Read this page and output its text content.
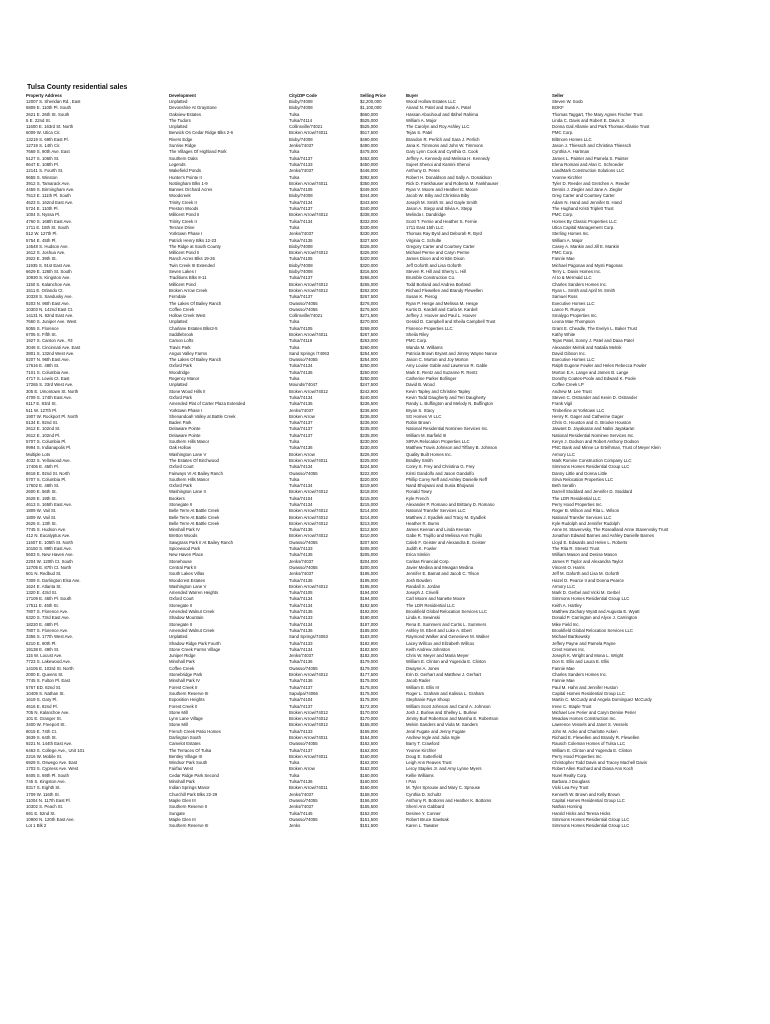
Tulsa County residential sales
Property Address	Development	City/ZIP Code	Selling Price	Buyer	Seller
12007 S. Sheridan Rd., East	Unplatted	Bixby/74008	$2,200,000	Wood Hollow Estates LLC	Steven W. Soob
6809 E. 110th Pl. South	Devonshire At Graystone	Bixby/74008	$1,100,000	Anand N. Patel and Swati A. Patel	BOKF
2621 E. 26th St. South	Oakview Estates	Tulsa	$660,000	Hassan Abouhoud and Ibtihel Rahima	Thomas Taggart, The Mary Agnes Fischer Trust
5 E. 22nd St.	The Tudors	Tulsa/74114	$525,000	William A. Major	Linda C. Davis and Robert E. Davis Jr.
11600 E. 163rd St. North	Unplatted	Collinsville/74021	$525,000	The Carolyn and Roy Ashley LLC	Donna Gail Allamie and Park Thomas Allamie Trust
6009 W. Utica Cir.	Berwick On Cedar Ridge Blks 2-6	Broken Arrow/74011	$517,500	Tejas S. Patel	PMC Corp.
13219 S. 69th East Pl.	Rivers Edge	Bixby/74008	$490,000	Brandon R. Perlich and Sara J. Perlich	Biltmore Homes LLC
12719 S. 14th Cir.	Sunrise Ridge	Jenks/74037	$490,000	Jana K. Timmons and John W. Timmons	Jason J. Thiessch and Christina Thiessch
7669 S. 90th Ave. East	The Villages Of Highland Park	Tulsa	$475,000	Gary Lynn Cook and Cynthia G. Cook	Cynthia A. Hartman
5127 S. 106th St.	Southern Oaks	Tulsa/74137	$452,000	Jeffrey A. Kennedy and Melissa H. Kennedy	James L. Painter and Pamela S. Painter
8647 E. 108th Pl.	Legends	Tulsa/74133	$450,000	Sujeet Shenoi and Kamini Shenoi	Elena Romani and Alan C. Schroeder
12141 S. Fourth St.	Wakefield Ponds	Jenks/74037	$446,000	Anthony D. Peres	LandMark Construction Solutions LLC
9655 S. Winston	Hunter's Pointe II	Tulsa	$392,500	Robert H. Donaldson and Sally A. Donaldson	Yvonne Kirchler
3912 S. Tamarack Ave.	Nottingham Blks 1-9	Broken Arrow/74011	$350,000	Rick D. Fankhauser and Roberta M. Fankhauser	Tyler D. Reeder and Gretchen A. Reeder
4459 S. Birmingham Ave.	Bannes Orchard Acres	Tulsa/74105	$349,000	Ryan V. Moore and Heather E. Moore	Dennis J. Ziegler and Jane A. Ziegler
7513 E. 111th Pl. South	Woodcreek	Bixby/74008	$344,000	Jacob W. Biby and Christina Biby	Greg Carter and Courtney Carter
4623 S. 162nd East Ave.	Trinity Creek II	Tulsa/74134	$343,500	Joseph M. Smith Sr. and Gayle Smith	Adam N. Hand and Jennifer B. Hand
5724 E. 110th Pl.	Preston Woods	Tulsa/74137	$340,000	Jason A. Stepp and Silvia A. Stepp	The Hughand Kristi Triplett Trust
1004 S. Nyssa Pl.	Millicent Pond II	Broken Arrow/74012	$338,000	Melinda I. Dandridge	PMC Corp.
4760 S. 168th East Ave.	Trinity Creek II	Tulsa/74134	$332,000	Scott T. Fernie and Heather S. Fernie	Homes By Classic Properties LLC
1711 E. 15th St. South	Terrace Drive	Tulsa	$330,000	1711 East 15th LLC	Utica Capital Management Corp.
512 W. 127th Pl.	Yorktown Phase I	Jenks/74037	$330,000	Thomas Ray Byrd and Deborah R. Byrd	Sterling Homes Inc.
5754 E. 45th Pl.	Patrick Henry Blks 12-23	Tulsa/74135	$327,500	Virginia C. Schulte	William A. Major
14548 S. Hudson Ave.	The Ridge at South County	Bixby/74008	$326,000	Gregory Carter and Courtney Carter	Casey A. Mankin and Jill E. Mankin
1612 S. Joshua Ave.	Millicent Pond II	Broken Arrow/74012	$326,000	Michael Perme and Caryn Perme	PMC Corp.
2922 E. 39th St.	Ranch Acres Blks 19-26	Tulsa/74105	$320,000	James Dixon and Kristin Dixon	Fannie Mae
11935 S. 91st East Ave.	Twin Creek III Extended	Bixby/74008	$320,000	Jeff Goforth and Lisa Goforth	Michael Pagonas and Mysti Pagonas
6629 E. 126th St. South	Seven Lakes I	Bixby/74008	$316,500	Steven R. Hill and Sherry L. Hill	Terry L. Davis Homes Inc.
10930 S. Kingston Ave.	Traditions Blks 8-11	Tulsa/74137	$266,000	Brumble Construction Co.	Al to & Mermaid LLC
1150 S. Kalanchoe Ave.	Millicent Pond	Broken Arrow/74012	$265,000	Todd Borland and Andrea Borland	Charles Sanders Homes Inc.
1511 E. Orlando Ct.	Broken Arrow Creek	Broken Arrow/74012	$262,000	Richard Flewellen and Brandy Flewellen	Ryan L. Smith and April M. Smith
10328 S. Sandusky Ave.	Ferndale	Tulsa/74137	$267,500	Susan K. Pierog	Samuel Ross
9203 N. 96th East Ave.	The Lakes Of Bailey Ranch	Owasso/74055	$276,000	Ryan P. Hesge and Melissa M. Hesge	Executive Homes LLC
10303 N. 142nd East Ct.	Coffee Creek	Owasso/74055	$276,500	Kurtis D. Kardell and Carla M. Kardell	Lance R. Runyon
14131 N. 82nd East Ave.	Hollow Creek West	Collinsville/74021	$271,500	Jeffrey J. Hoover and Paul L. Hoover	Smalygo Properties Inc.
7660 S. Juniper Ave. West	Unplatted	Tulsa	$270,000	Gerald D. Campbell and Sheila Campbell Trust	Leona Mae Thompson
5055 S. Florence	Charlane Estates Blks3-5	Tulsa/74105	$269,000	Florence Properties LLC	Grant E. Cheadle, The Evelyn L. Baker Trust
6705 S. Fifth St.	Saddlebrook	Broken Arrow/74011	$267,500	Sheila Riley	Kathy White
1927 S. Canton Ave., #3	Carson Lofts	Tulsa/74119	$263,000	PMC Corp.	Tejas Patel, Sonny J. Patel and Daxa Patel
3046 S. Cincinnati Ave. East	Travis Park	Tulsa	$260,000	Wanda M. Williams	Alexander Melnik and Natalia Melnik
3801 S. 132nd West Ave.	Angus Valley Farms	Sand Springs /74063	$254,500	Patricia Brown Bryant and Jimmy Wayne Nance	David Gibson Inc.
8207 N. 96th East Ave.	The Lakes Of Bailey Ranch	Owasso/74055	$254,000	Jason C. Morton and Joy Morton	Executive Homes LLC
17616 E. 48th St.	Oxford Park	Tulsa/74134	$250,000	Amy Louise Gable and Lawrence R. Gable	Ralph Eugene Fowler and Helen Rebecca Fowler
7101 S. Columbia Ave.	Woodridge	Tulsa/74136	$250,000	Mark E. Rentz and Suzanne R. Rentz	Morton E.A. Lange and James B. Lange
4717 S. Lewis Ct. East	Regency Manor	Tulsa	$250,000	Catherine Parker Bollinger	Dorothy Coates-Poole and Edward K. Poole
17265 S. 33rd West Ave.	Unplatted	Mounds/74047	$247,500	David B. Wood	Coffee Creek LP
305 E. Umontown St. North	Stone Wood Hills II	Broken Arrow/74012	$242,900	Kevin Tapley and Christine Tapley	Andrew M. Lee Trust
4709 S. 174th East Ave.	Oxford Park	Tulsa/74134	$240,000	Kevin Todd Daugherty and Teri Daugherty	Steven C. Ostrander and Kevin D. Ostrander
6117 E. 83rd St.	Amended Plat of Carter Plaza Extended	Tulsa/74135	$236,500	Randy L. Buffington and Melody N. Buffington	Frank Vigil
511 W. 127th Pl.	Yorktown Phase I	Jenks/74037	$236,500	Bryan S. Stacy	Timberline at Yorktown LLC
1907 W. Rockport Pl. North	Shenandoah Valley at Battle Creek	Broken Arrow	$236,000	SG Homes VI LLC	Henry R. Gager and Catherine Gager
5134 E. 92nd St.	Baden Park	Tulsa/74137	$236,000	Robin Brown	Chris G. Houston and G. Brooke Houston
2612 E. 102nd St.	Delaware Pointe	Tulsa/74137	$235,000	National Residential Nominee Services Inc.	Jaiwant D. Jayakaran and Nalini Jayakaran
2612 E. 102nd Pl.	Delaware Pointe	Tulsa/74137	$235,000	William M. Barfield III	National Residential Nominee Services Inc.
5707 S. Columbia Pl.	Southern Hills Manor	Tulsa	$230,000	SIRVA Relocation Properties LLC	Keryn J. Dodson and Robert Anthony Dodson
9994 S. Indianapolis Pl.	Oak Hollow	Tulsa/74136	$230,000	Matthew Travis Johnson and Tiffany B. Johnson	PNC Bank and Minne Le Ertelhman, Trust of Meyer Klein
Multiple Lots	Washington Lane V	Broken Arrow	$226,000	Quality Built Homes Inc.	Armory LLC
4032 S. Yellowood Ave.	The Estates Of Birchwood	Broken Arrow/74011	$225,000	Bradley Smith	Mark Romine Construction Company LLC
17406 E. 45th Pl.	Oxford Court	Tulsa/74134	$224,500	Corey S. Frey and Christina G. Frey	Simmons Homes Residential Group LLC
8618 E. 92nd St. North	Fairways VI At Bailey Ranch	Owasso/74055	$222,000	Kristi Gandolfo and Jason Gandolfo	Danny Little and Donna Little
5707 S. Columbia Pl.	Southern Hills Manor	Tulsa	$220,000	Phillip Corey Neff and Ashley Danielle Neff	Sirva Relocation Properties LLC
17602 E. 48th St.	Oxford Park	Tulsa/74134	$219,500	Nand Bhojwani and Sunia Bhojwani	Beth Serafin
2600 E. 56th St.	Washington Lane II	Broken Arrow/74012	$218,000	Ronald Towry	Darrell Stoddard and Jennifer D. Stoddard
2628 E. 19th St.	Bookers	Tulsa/74104	$215,000	Kyle French	The LDR Residential LLC
4613 S. 165th East Ave.	Stonegate II	Tulsa/74134	$215,000	Alexander P. Romano and Brittany D. Romano	Perry Hood Properties Inc.
1809 W. Vail St.	Belle Terre At Battle Creek	Broken Arrow/74012	$214,000	National Transfer Services LLC	Roger B. Wilson and Rita L. Wilson
1809 W. Vail St.	Belle Terre At Battle Creek	Broken Arrow/74012	$214,000	Matthew J. Eyadlek and Tracy M. Eyadlek	National Transfer Services LLC
2625 S. 13th St.	Belle Terre At Battle Creek	Broken Arrow/74012	$213,000	Heather R. Burns	Kyle Rudolph and Jennifer Rudolph
7745 S. Hudson Ave.	Minshall Park IV	Tulsa/74136	$212,500	James Keenan and Linda Keenan	Anne M. Stavenvsky, The Rosealland Anne Stavenvsky Trust
412 N. Eucalyptus Ave.	Bretton Woods	Broken Arrow/74012	$210,000	Gabe R. Trujillo and Melissa Ann Trujillo	Jonathon Edward Barnes and Ashley Danielle Barnes
11607 E. 105th St. North	Sawgrass Park II At Bailey Ranch	Owasso/74055	$207,500	Caleb F. Geister and Alexandra E. Geister	Lloyd E. Edwards and Helen L. Roberts
10150 S. 89th East Ave.	Spicewood Park	Tulsa/74133	$206,000	Judith K. Fowler	The Rita R. Streetz Trust
5603 S. New Haven Ave.	New Haven Place	Tulsa/74135	$205,000	Erica Simkin	William Mason and Denise Mason
2204 W. 120th Ct. South	Stonehouse	Jenks/74037	$204,000	Caritas Financial Corp.	James P. Taylor and Alexandra Taylor
12705 E. 87th Ct. North	Central Park II	Owasso/74055	$200,000	Javier Medina and Meagan Medina	Vincent O. Harris
601 N. Redbud St.	South Lakes Villas	Jenks/74037	$195,000	Jennifer E. Bamat and Jacob C. Tilson	Jeff M. Gaforth and Lisa M. Goforth
7309 S. Darlington Elsa Ave.	Woodcrest Estates	Tulsa/74136	$195,000	Josh Bowden	Hazel D. Pearce II and Donna Pearce
1624 E. Atlanta St.	Washington Lane V	Broken Arrow/74012	$195,000	Randall S. Jordan	Armory LLC
1320 E. 43rd St.	Amended Warren Heights	Tulsa/74105	$194,000	Joseph J. Crivelli	Mark D. Gerbel and Vicki M. Gerbel
17109 E. 46th Pl. South	Oxford Court	Tulsa/74134	$194,000	Carl Moore and Nanette Moore	Simmons Homes Residential Group LLC
17511 E. 45th St.	Stonegate II	Tulsa/74134	$192,500	The LDR Residential LLC	Keith A. Hartley
7807 S. Florence Ave.	Amended Walnut Creek	Tulsa/74136	$192,000	Brookfield Global Relocation Services LLC	Matthew Zachary Wyatt and Augusta E. Wyatt
6320 S. 73rd East Ave.	Shadow Mountain	Tulsa/74133	$190,000	Linda K. Sewinski	Donald P. Carrington and Alyce J. Carrington
18220 E. 48th Pl.	Stonegate II	Tulsa/74134	$187,000	Rena E. Summers and Curtis L. Summers	Mike Field Inc.
7807 S. Florence Ave.	Amended Walnut Creek	Tulsa/74136	$185,000	Ashley M. Ebert and Luke A. Ebert	Brookfield Global Relocation Services LLC
3356 S. 177th West Ave.	Unplatted	Sand Springs/74063	$183,000	Raymond Walker and Genevieve M. Walker	Michael Bartkowsky
6210 E. 90th Pl.	Shadow Ridge Park Fourth	Tulsa/74133	$182,900	Lacey Willcox and Elizabeth Willcox	Jeffery Payne and Pamela Payne
19138 E. 49th St.	Stone Creek Farms Village	Tulsa/74134	$182,500	Keith Andrew Johnston	Crest Homes Inc.
115 W. Locust Ave.	Juniper Ridge	Jenks/74037	$182,000	Chris W. Meyer and Maria Meyer	Joseph K. Wright and Mona L. Wright
7723 S. Lakewood Ave.	Minshall Park	Tulsa/74136	$179,000	William E. Clinton and Yugenda E. Clinton	Don E. Ellis and Laura E. Ellis
14106 E. 103rd St. North	Coffee Creek	Owasso/74055	$179,000	Dwayne A. Jones	Fannie Mae
2000 E. Queens St.	Stonebridge Park	Broken Arrow/74012	$177,500	Erin D. Gerhart and Matthew J. Gerhart	Charles Sanders Homes Inc.
7745 S. Fulton Pl. East	Minshall Park IV	Tulsa/74136	$175,000	Jacob Rader	Fannie Mae
5767 ED. 82nd St.	Forest Creek II	Tulsa/74137	$175,000	William E. Ellis III	Paul M. Hahn and Jennifer Huston
10409 S. Nathan St.	Southern Reserve III	Sapulpa/74066	$175,000	Roger L. Graham and Kalissa L. Graham	Capital Homes Residential Group LLC
1619 S. Gary Pl.	Exposition Heights	Tulsa/74104	$175,000	Stephanie Faye Shoup	Martin C. McCurdy and Angela Dominguez McCurdy
4616 E. 82nd Pl.	Forest Creek II	Tulsa/74137	$172,000	William Scott Johnson and Carol A. Johnson	Irene C. Staple Trust
705 N. Kalanchoe Ave.	Stone Mill	Broken Arrow/74012	$170,000	Josh J. Burlew and Shelley L. Burlew	Michael Lee Perier and Caryn Denise Perier
101 E. Granger St.	Lynn Lane Village	Broken Arrow/74012	$170,000	Jimmy Burl Robertson and Marsha E. Robertson	Meadow Homes Construction Inc.
3400 W. Freeport St.	Stone Mill	Broken Arrow/74012	$165,000	Melvin Sanders and Viola M. Sanders	Lawrence Vessels and Janet S. Vessels
8015 E. 74th Ct.	French Creek Patio Homes	Tulsa/74133	$165,000	Jeral Fugate and Jenny Fugate	John M. Acke and Charlotte Acken
3639 S. 64th St.	Darlington South	Broken Arrow/74011	$164,000	Andrew Ingle and Julia Ingle	Richard E. Flewellen and Brandy R. Flewellen
9221 N. 144th East Ave.	Camelot Estates	Owasso/74055	$162,500	Barry T. Crawford	Rausch Coleman Homes of Tulsa LLC
6463 S. College Ave., Unit 101	The Terraces Of Tulsa	Tulsa/74137	$162,000	Yvonne Kirchler	William E. Clinton and Yugenda E. Clinton
2216 W. Mobile St.	Bentley Village III	Broken Arrow/74011	$160,000	Doug E. Sutterfield	Perry Hood Properties Inc.
6929 S. Oswego Ave. East	Windsor Park South	Tulsa	$162,000	Leigh Ann Reaves Trust	Christopher Todd Davis and Tracey Machell Davis
1703 S. Cypress Ave. West	Fairfax West	Broken Arrow	$162,000	Leroy Staples Jr. and Amy Lynne Myers	Robert Allen Rochard and Diana Ann Koch
8405 S. 69th Pl. South	Cedar Ridge Park Second	Tulsa	$160,000	Kellie Williams	Nurel Realty Corp.
745 S. Kingston Ave.	Minshall Park	Tulsa/74136	$160,000	I Pan	Barbara J Douglass
8317 S. Eighth St.	Indian Springs Manor	Broken Arrow/74011	$160,000	M. Tyler Sprouse and Mary C. Sprouse	Vicki Lea Fey Trust
1709 W. 116th St.	Churchill Park Blks 22-29	Jenks/74037	$158,000	Cynthia D. Schultz	Kenneth W. Brown and Kelly Brown
11004 N. 117th East Pl.	Maple Glen III	Owasso/74055	$156,000	Anthony R. Bottoms and Heather K. Bottoms	Capital Homes Residential Group LLC
10302 S. Peach St.	Southern Reserve II	Jenks/74037	$155,500	Sherri Ann Gabbard	Nathan Horning
691 E. 52nd St.	Sungate	Tulsa/74145	$152,000	Desiree Y. Conner	Harold Hicks and Teresa Hicks
10900 N. 120th East Ave.	Maple Glen III	Owasso/74055	$151,500	Robert Bruce Sawtsak	Simmons Homes Residential Group LLC
Lot 1 Blk 2	Southern Reserve III	Jenks	$151,500	Karen L. Tawater	Simmons Homes Residential Group LLC
